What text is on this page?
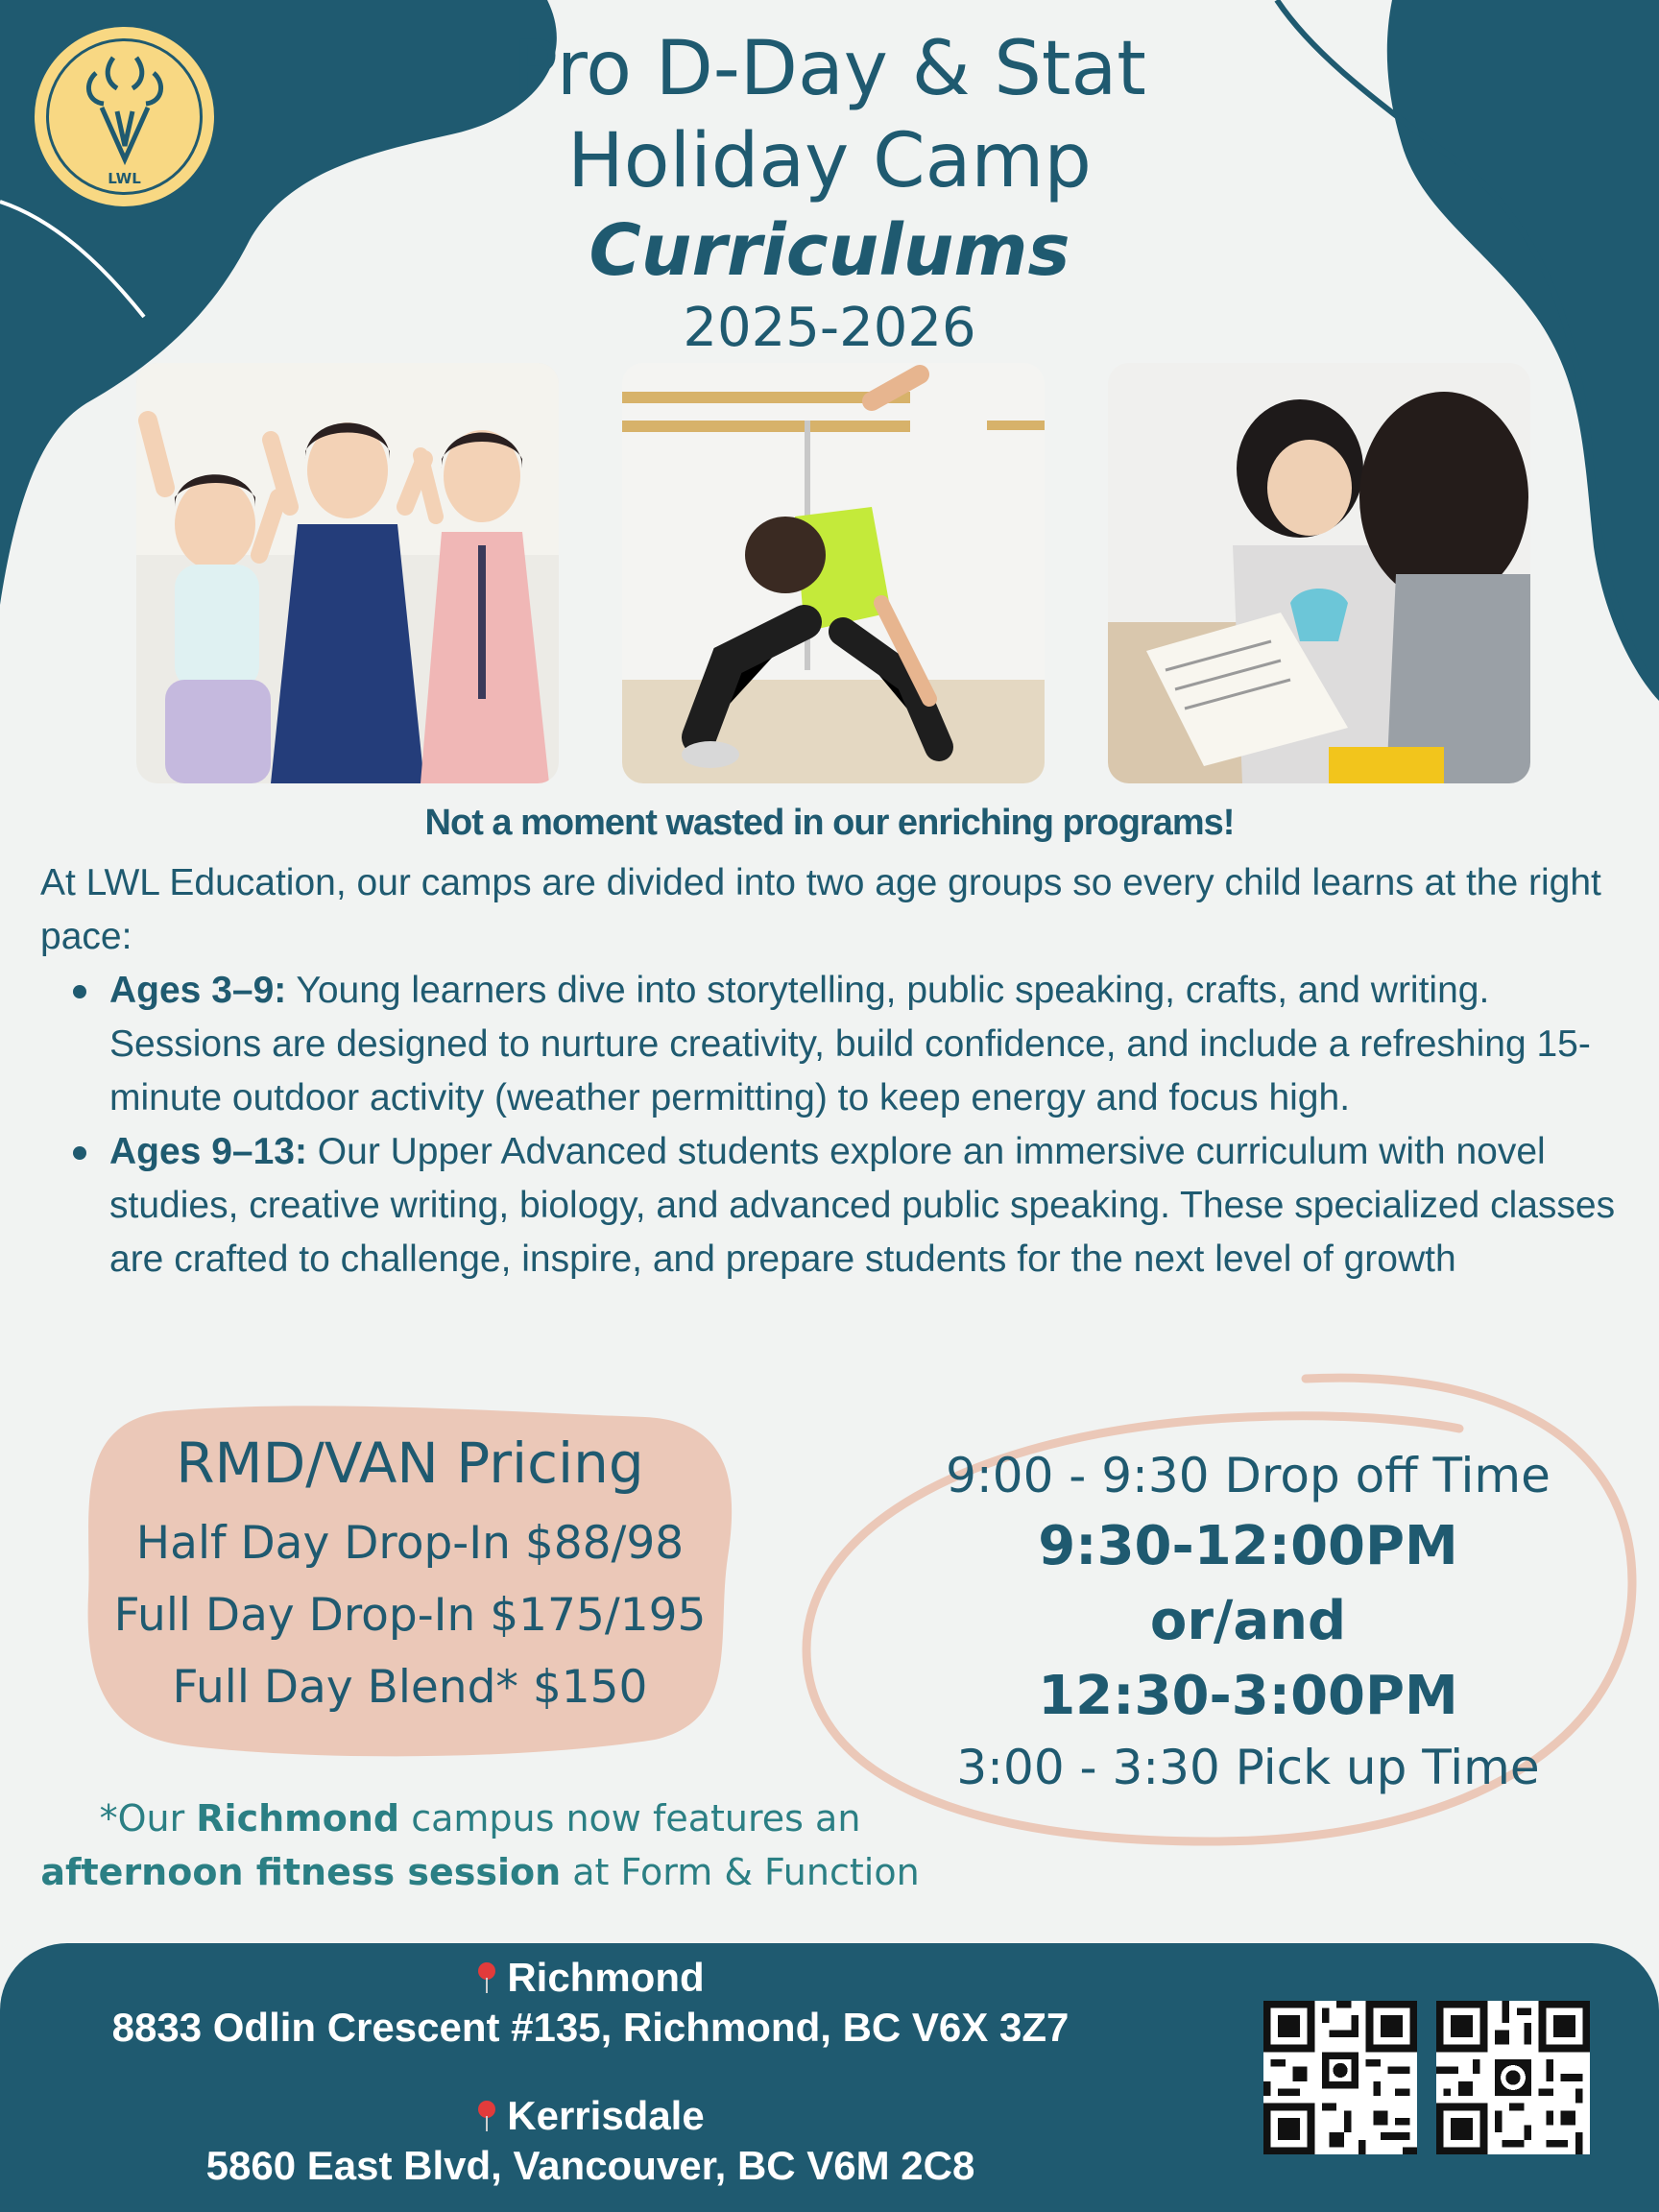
LWL
Pro D-Day & Stat
Holiday Camp
Curriculums
2025-2026
Not a moment wasted in our enriching programs!
At LWL Education, our camps are divided into two age groups so every child learns at the right pace:
Ages 3–9: Young learners dive into storytelling, public speaking, crafts, and writing. Sessions are designed to nurture creativity, build confidence, and include a refreshing 15-minute outdoor activity (weather permitting) to keep energy and focus high.
Ages 9–13: Our Upper Advanced students explore an immersive curriculum with novel studies, creative writing, biology, and advanced public speaking. These specialized classes are crafted to challenge, inspire, and prepare students for the next level of growth
RMD/VAN Pricing
Half Day Drop-In $88/98
Full Day Drop-In $175/195
Full Day Blend* $150
9:00 - 9:30 Drop off Time
9:30-12:00PM
or/and
12:30-3:00PM
3:00 - 3:30 Pick up Time
*Our Richmond campus now features an
afternoon fitness session at Form & Function
Richmond
8833 Odlin Crescent #135, Richmond, BC V6X 3Z7
Kerrisdale
5860 East Blvd, Vancouver, BC V6M 2C8
